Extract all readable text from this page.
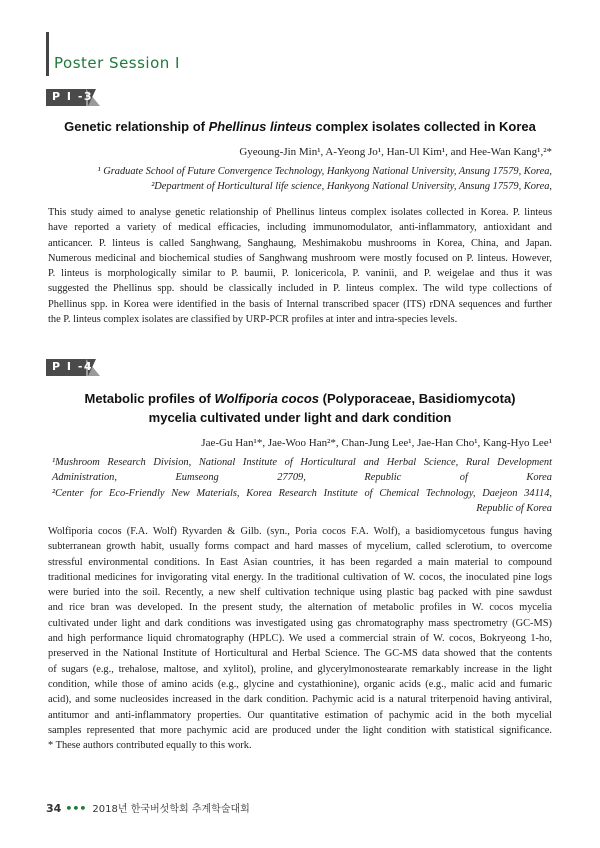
Poster Session I
P I -3
Genetic relationship of Phellinus linteus complex isolates collected in Korea
Gyeoung-Jin Min¹, A-Yeong Jo¹, Han-Ul Kim¹, and Hee-Wan Kang¹,²*
¹ Graduate School of Future Convergence Technology, Hankyong National University, Ansung 17579, Korea,
²Department of Horticultural life science, Hankyong National University, Ansung 17579, Korea,
This study aimed to analyse genetic relationship of Phellinus linteus complex isolates collected in Korea. P. linteus
have reported a variety of medical efficacies, including immunomodulator, anti-inflammatory, antioxidant and
anticancer. P. linteus is called Sanghwang, Sanghaung, Meshimakobu mushrooms in Korea, China, and Japan.
Numerous medicinal and biochemical studies of Sanghwang mushroom were mostly focused on P. linteus. However,
P. linteus is morphologically similar to P. baumii, P. lonicericola, P. vaninii, and P. weigelae and thus it was
suggested the Phellinus spp. should be classically included in P. linteus complex. The wild type collections of
Phellinus spp. in Korea were identified in the basis of Internal transcribed spacer (ITS) rDNA sequences and further
the P. linteus complex isolates are classified by URP-PCR profiles at inter and intra-species levels.
P I -4
Metabolic profiles of Wolfiporia cocos (Polyporaceae, Basidiomycota)
mycelia cultivated under light and dark condition
Jae-Gu Han¹*, Jae-Woo Han²*, Chan-Jung Lee¹, Jae-Han Cho¹, Kang-Hyo Lee¹
¹Mushroom Research Division, National Institute of Horticultural and Herbal Science, Rural Development
Administration, Eumseong 27709, Republic of Korea
²Center for Eco-Friendly New Materials, Korea Research Institute of Chemical Technology, Daejeon 34114,
Republic of Korea
Wolfiporia cocos (F.A. Wolf) Ryvarden & Gilb. (syn., Poria cocos F.A. Wolf), a basidiomycetous fungus having
subterranean growth habit, usually forms compact and hard masses of mycelium, called sclerotium, to overcome
stressful environmental conditions. In East Asian countries, it has been regarded a main material to compound
traditional medicines for invigorating vital energy. In the traditional cultivation of W. cocos, the inoculated pine logs
were buried into the soil. Recently, a new shelf cultivation technique using plastic bag packed with pine sawdust
and rice bran was developed. In the present study, the alternation of metabolic profiles in W. cocos mycelia
cultivated under light and dark conditions was investigated using gas chromatography mass spectrometry (GC-MS)
and high performance liquid chromatography (HPLC). We used a commercial strain of W. cocos, Bokryeong 1-ho,
preserved in the National Institute of Horticultural and Herbal Science. The GC-MS data showed that the contents
of sugars (e.g., trehalose, maltose, and xylitol), proline, and glycerylmonostearate remarkably increase in the light
condition, while those of amino acids (e.g., glycine and cystathionine), organic acids (e.g., malic acid and fumaric
acid), and some nucleosides increased in the dark condition. Pachymic acid is a natural triterpenoid having antiviral,
antitumor and anti-inflammatory properties. Our quantitative estimation of pachymic acid in the both mycelial
samples represented that more pachymic acid are produced under the light condition with statistical significance.
* These authors contributed equally to this work.
34 ••• 2018년 한국버섯학회 추계학술대회
